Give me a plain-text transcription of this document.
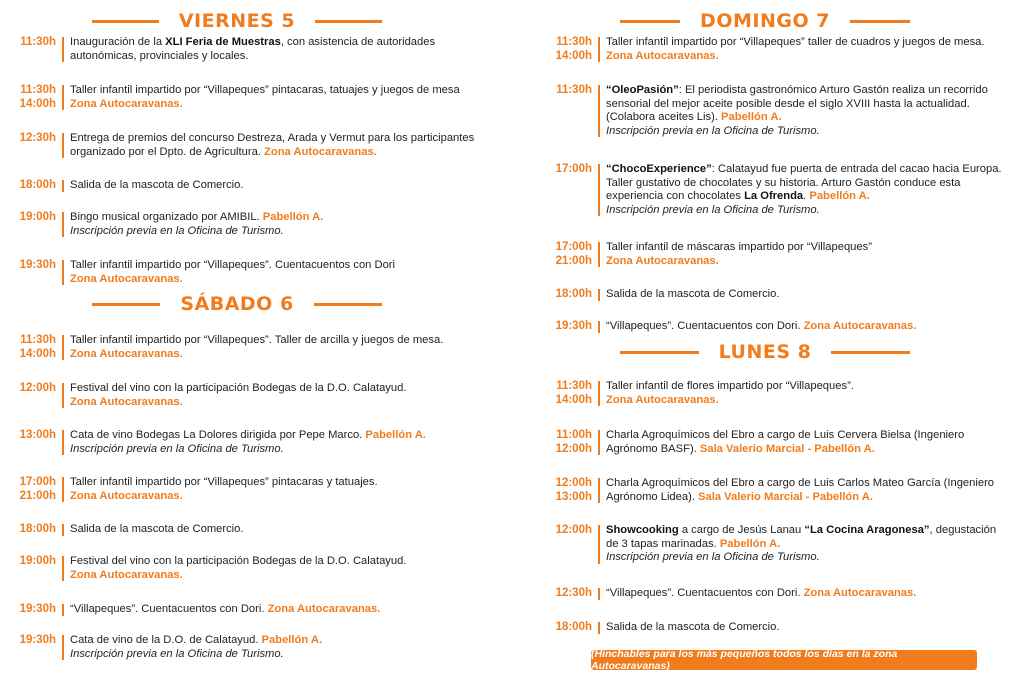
VIERNES 5
11:30h Inauguración de la XLI Feria de Muestras, con asistencia de autoridades
autonómicas, provinciales y locales.
11:30h
14:00h
Taller infantil impartido por “Villapeques” pintacaras, tatuajes y juegos de mesa
Zona Autocaravanas.
12:30h Entrega de premios del concurso Destreza, Arada y Vermut para los participantes
organizado por el Dpto. de Agricultura. Zona Autocaravanas.
18:00h Salida de la mascota de Comercio.
19:00h Bingo musical organizado por AMIBIL. Pabellón A.
Inscripción previa en la Oficina de Turismo.
19:30h Taller infantil impartido por “Villapeques”. Cuentacuentos con Dori
Zona Autocaravanas.
SÁBADO 6
11:30h
14:00h
Taller infantil impartido por “Villapeques”. Taller de arcilla y juegos de mesa.
Zona Autocaravanas.
12:00h Festival del vino con la participación Bodegas de la D.O. Calatayud.
Zona Autocaravanas.
13:00h Cata de vino Bodegas La Dolores dirigida por Pepe Marco. Pabellón A.
Inscripción previa en la Oficina de Turismo.
17:00h
21:00h
Taller infantil impartido por “Villapeques” pintacaras y tatuajes.
Zona Autocaravanas.
18:00h Salida de la mascota de Comercio.
19:00h Festival del vino con la participación Bodegas de la D.O. Calatayud.
Zona Autocaravanas.
19:30h “Villapeques”. Cuentacuentos con Dori. Zona Autocaravanas.
19:30h Cata de vino de la D.O. de Calatayud. Pabellón A.
Inscripción previa en la Oficina de Turismo.
DOMINGO 7
11:30h
14:00h
Taller infantil impartido por “Villapeques” taller de cuadros y juegos de mesa.
Zona Autocaravanas.
11:30h “OleoPasión”: El periodista gastronómico Arturo Gastón realiza un recorrido
sensorial del mejor aceite posible desde el siglo XVIII hasta la actualidad.
(Colabora aceites Lis). Pabellón A.
Inscripción previa en la Oficina de Turismo.
17:00h “ChocoExperience”: Calatayud fue puerta de entrada del cacao hacia Europa.
Taller gustativo de chocolates y su historia. Arturo Gastón conduce esta
experiencia con chocolates La Ofrenda. Pabellón A.
Inscripción previa en la Oficina de Turismo.
17:00h
21:00h
Taller infantil de máscaras impartido por “Villapeques”
Zona Autocaravanas.
18:00h Salida de la mascota de Comercio.
19:30h “Villapeques”. Cuentacuentos con Dori. Zona Autocaravanas.
LUNES 8
11:30h
14:00h
Taller infantil de flores impartido por “Villapeques”.
Zona Autocaravanas.
11:00h
12:00h
Charla Agroquímicos del Ebro a cargo de Luis Cervera Bielsa (Ingeniero
Agrónomo BASF). Sala Valerio Marcial - Pabellón A.
12:00h
13:00h
Charla Agroquímicos del Ebro a cargo de Luis Carlos Mateo García (Ingeniero
Agrónomo Lidea). Sala Valerio Marcial - Pabellón A.
12:00h Showcooking a cargo de Jesús Lanau “La Cocina Aragonesa”, degustación
de 3 tapas marinadas. Pabellón A.
Inscripción previa en la Oficina de Turismo.
12:30h “Villapeques”. Cuentacuentos con Dori. Zona Autocaravanas.
18:00h Salida de la mascota de Comercio.
(Hinchables para los más pequeños todos los días en la zona Autocaravanas)
